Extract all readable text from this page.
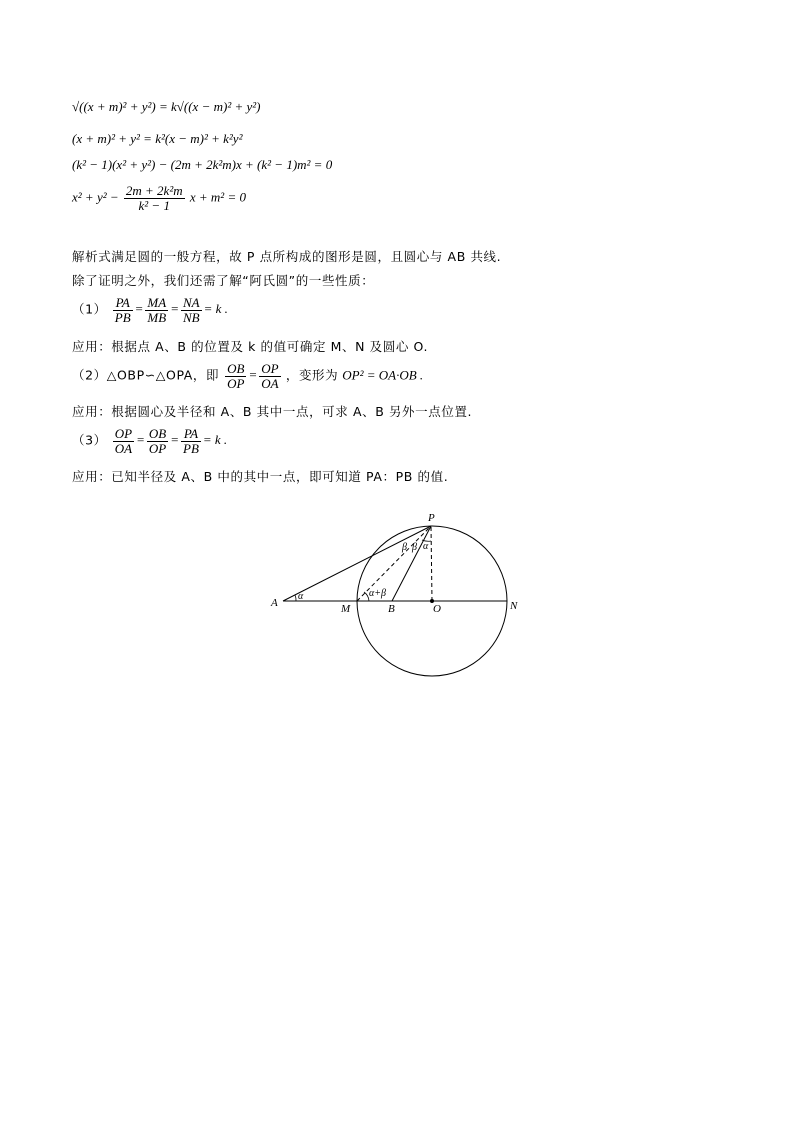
√((x + m)² + y²) = k√((x − m)² + y²)
(x + m)² + y² = k²(x − m)² + k²y²
(k² − 1)(x² + y²) − (2m + 2k²m)x + (k² − 1)m² = 0
$x^2 + y^2 - \frac{\text{2m + 2k²m}}{\text{k² − 1}}$ x + m² = 0
解析式满足圆的一般方程，故 P 点所构成的图形是圆，且圆心与 AB 共线.
除了证明之外，我们还需了解“阿氏圆”的一些性质：
$(1) \frac{PA}{PB} = \frac{MA}{MB} = \frac{NA}{NB} = k$ .
应用：根据点 A、B 的位置及 k 的值可确定 M、N 及圆心 O.
（2）△OBP∽△OPA，即 $\frac{OB}{OP} = \frac{OP}{OA}$ ，变形为 OP² = OA·OB .
应用：根据圆心及半径和 A、B 其中一点，可求 A、B 另外一点位置.
$(3) \frac{OP}{OA} = \frac{OB}{OP} = \frac{PA}{PB} = k$ .
应用：已知半径及 A、B 中的其中一点，即可知道 PA：PB 的值.
P
A	M	B	O	N
α
α
β β
α+β
